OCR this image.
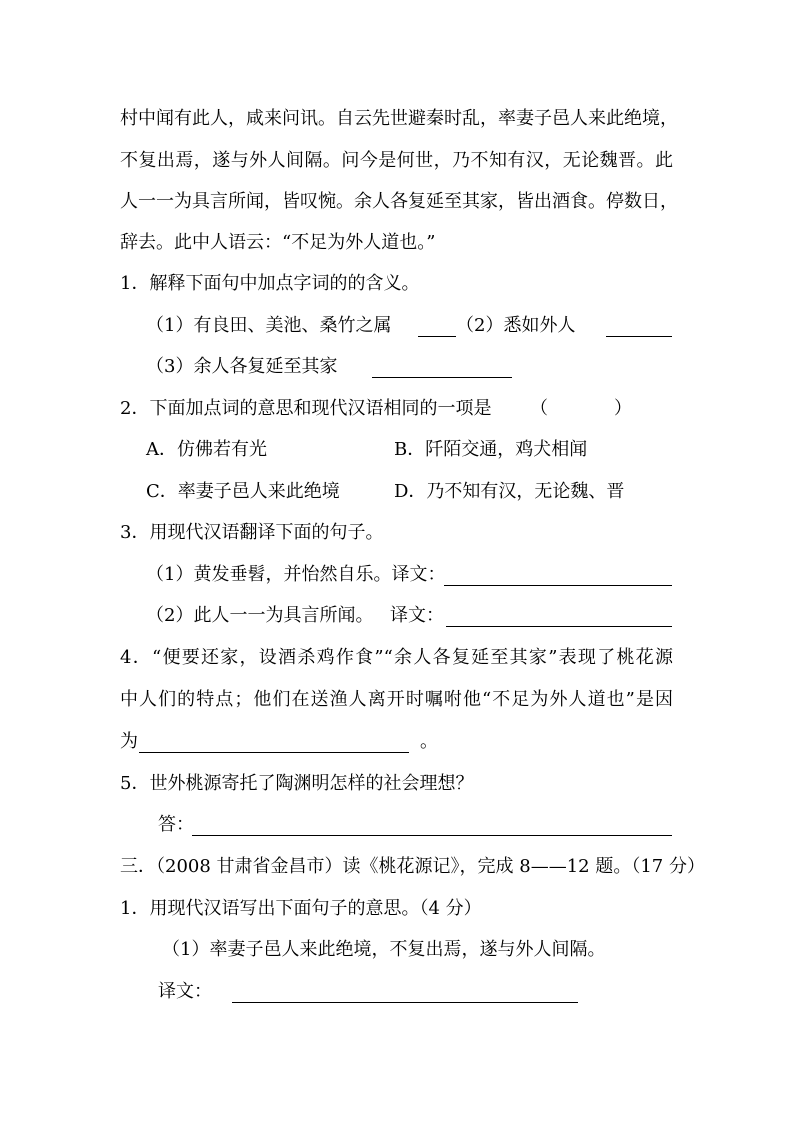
村中闻有此人，咸来问讯。自云先世避秦时乱，率妻子邑人来此绝境，
不复出焉，遂与外人间隔。问今是何世，乃不知有汉，无论魏晋。此
人一一为具言所闻，皆叹惋。余人各复延至其家，皆出酒食。停数日，
辞去。此中人语云：“不足为外人道也。”
1．解释下面句中加点字词的的含义。
（1）有良田、美池、桑竹之属	（2）悉如外人
（3）余人各复延至其家
2．下面加点词的意思和现代汉语相同的一项是 （	）
A．仿佛若有光	B．阡陌交通，鸡犬相闻
C．率妻子邑人来此绝境	D．乃不知有汉，无论魏、晋
3．用现代汉语翻译下面的句子。
（1）黄发垂髫，并怡然自乐。译文：
（2）此人一一为具言所闻。 译文：
4．“便要还家，设酒杀鸡作食”“余人各复延至其家”表现了桃花源
中人们的特点；他们在送渔人离开时嘱咐他“不足为外人道也”是因
为	。
5．世外桃源寄托了陶渊明怎样的社会理想？
答：
三．（2008 甘肃省金昌市）读《桃花源记》，完成 8——12 题。（17 分）
1．用现代汉语写出下面句子的意思。（4 分）
（1）率妻子邑人来此绝境，不复出焉，遂与外人间隔。
译文：
